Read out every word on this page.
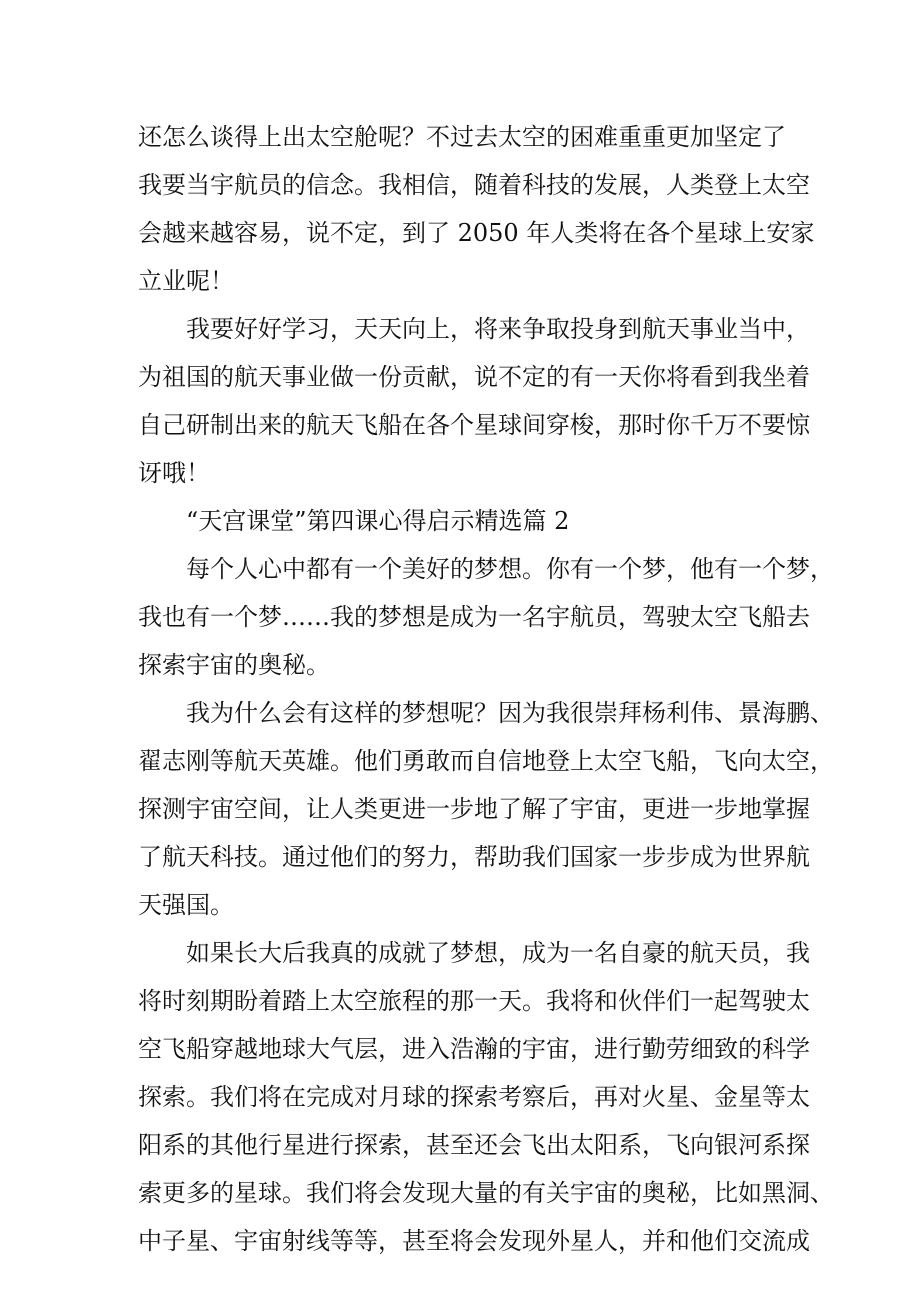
还怎么谈得上出太空舱呢？不过去太空的困难重重更加坚定了
我要当宇航员的信念。我相信，随着科技的发展，人类登上太空
会越来越容易，说不定，到了 2050 年人类将在各个星球上安家
立业呢！
我要好好学习，天天向上，将来争取投身到航天事业当中，
为祖国的航天事业做一份贡献，说不定的有一天你将看到我坐着
自己研制出来的航天飞船在各个星球间穿梭，那时你千万不要惊
讶哦！
“天宫课堂”第四课心得启示精选篇 2
每个人心中都有一个美好的梦想。你有一个梦，他有一个梦，
我也有一个梦……我的梦想是成为一名宇航员，驾驶太空飞船去
探索宇宙的奥秘。
我为什么会有这样的梦想呢？因为我很崇拜杨利伟、景海鹏、
翟志刚等航天英雄。他们勇敢而自信地登上太空飞船，飞向太空，
探测宇宙空间，让人类更进一步地了解了宇宙，更进一步地掌握
了航天科技。通过他们的努力，帮助我们国家一步步成为世界航
天强国。
如果长大后我真的成就了梦想，成为一名自豪的航天员，我
将时刻期盼着踏上太空旅程的那一天。我将和伙伴们一起驾驶太
空飞船穿越地球大气层，进入浩瀚的宇宙，进行勤劳细致的科学
探索。我们将在完成对月球的探索考察后，再对火星、金星等太
阳系的其他行星进行探索，甚至还会飞出太阳系，飞向银河系探
索更多的星球。我们将会发现大量的有关宇宙的奥秘，比如黑洞、
中子星、宇宙射线等等，甚至将会发现外星人，并和他们交流成
